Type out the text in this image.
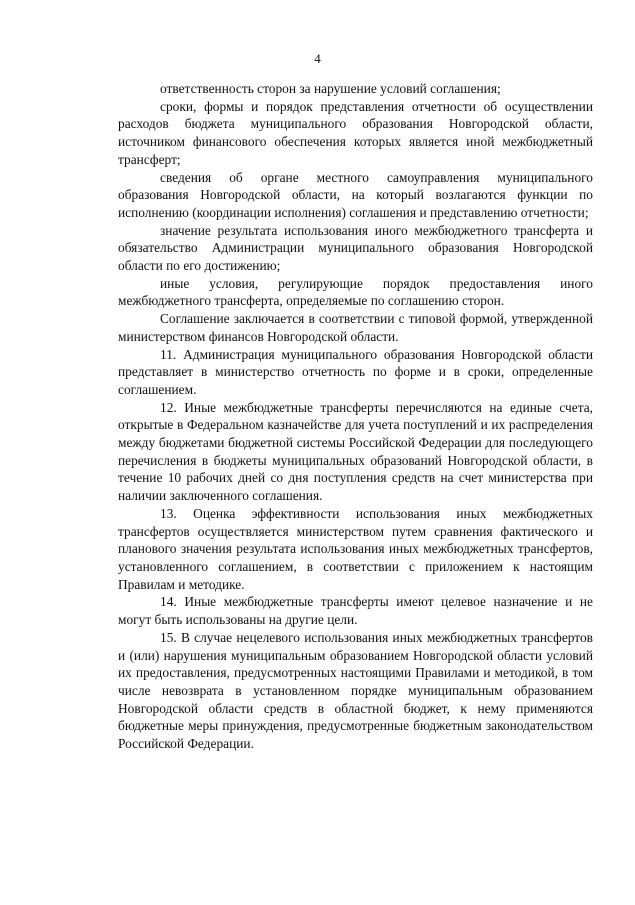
4

ответственность сторон за нарушение условий соглашения;

сроки, формы и порядок представления отчетности об осуществлении расходов бюджета муниципального образования Новгородской области, источником финансового обеспечения которых является иной межбюджетный трансферт;

сведения об органе местного самоуправления муниципального образования Новгородской области, на который возлагаются функции по исполнению (координации исполнения) соглашения и представлению отчетности;

значение результата использования иного межбюджетного трансферта и обязательство Администрации муниципального образования Новгородской области по его достижению;

иные условия, регулирующие порядок предоставления иного межбюджетного трансферта, определяемые по соглашению сторон.

Соглашение заключается в соответствии с типовой формой, утвержденной министерством финансов Новгородской области.

11. Администрация муниципального образования Новгородской области представляет в министерство отчетность по форме и в сроки, определенные соглашением.

12. Иные межбюджетные трансферты перечисляются на единые счета, открытые в Федеральном казначействе для учета поступлений и их распределения между бюджетами бюджетной системы Российской Федерации для последующего перечисления в бюджеты муниципальных образований Новгородской области, в течение 10 рабочих дней со дня поступления средств на счет министерства при наличии заключенного соглашения.

13. Оценка эффективности использования иных межбюджетных трансфертов осуществляется министерством путем сравнения фактического и планового значения результата использования иных межбюджетных трансфертов, установленного соглашением, в соответствии с приложением к настоящим Правилам и методике.

14. Иные межбюджетные трансферты имеют целевое назначение и не могут быть использованы на другие цели.

15. В случае нецелевого использования иных межбюджетных трансфертов и (или) нарушения муниципальным образованием Новгородской области условий их предоставления, предусмотренных настоящими Правилами и методикой, в том числе невозврата в установленном порядке муниципальным образованием Новгородской области средств в областной бюджет, к нему применяются бюджетные меры принуждения, предусмотренные бюджетным законодательством Российской Федерации.
